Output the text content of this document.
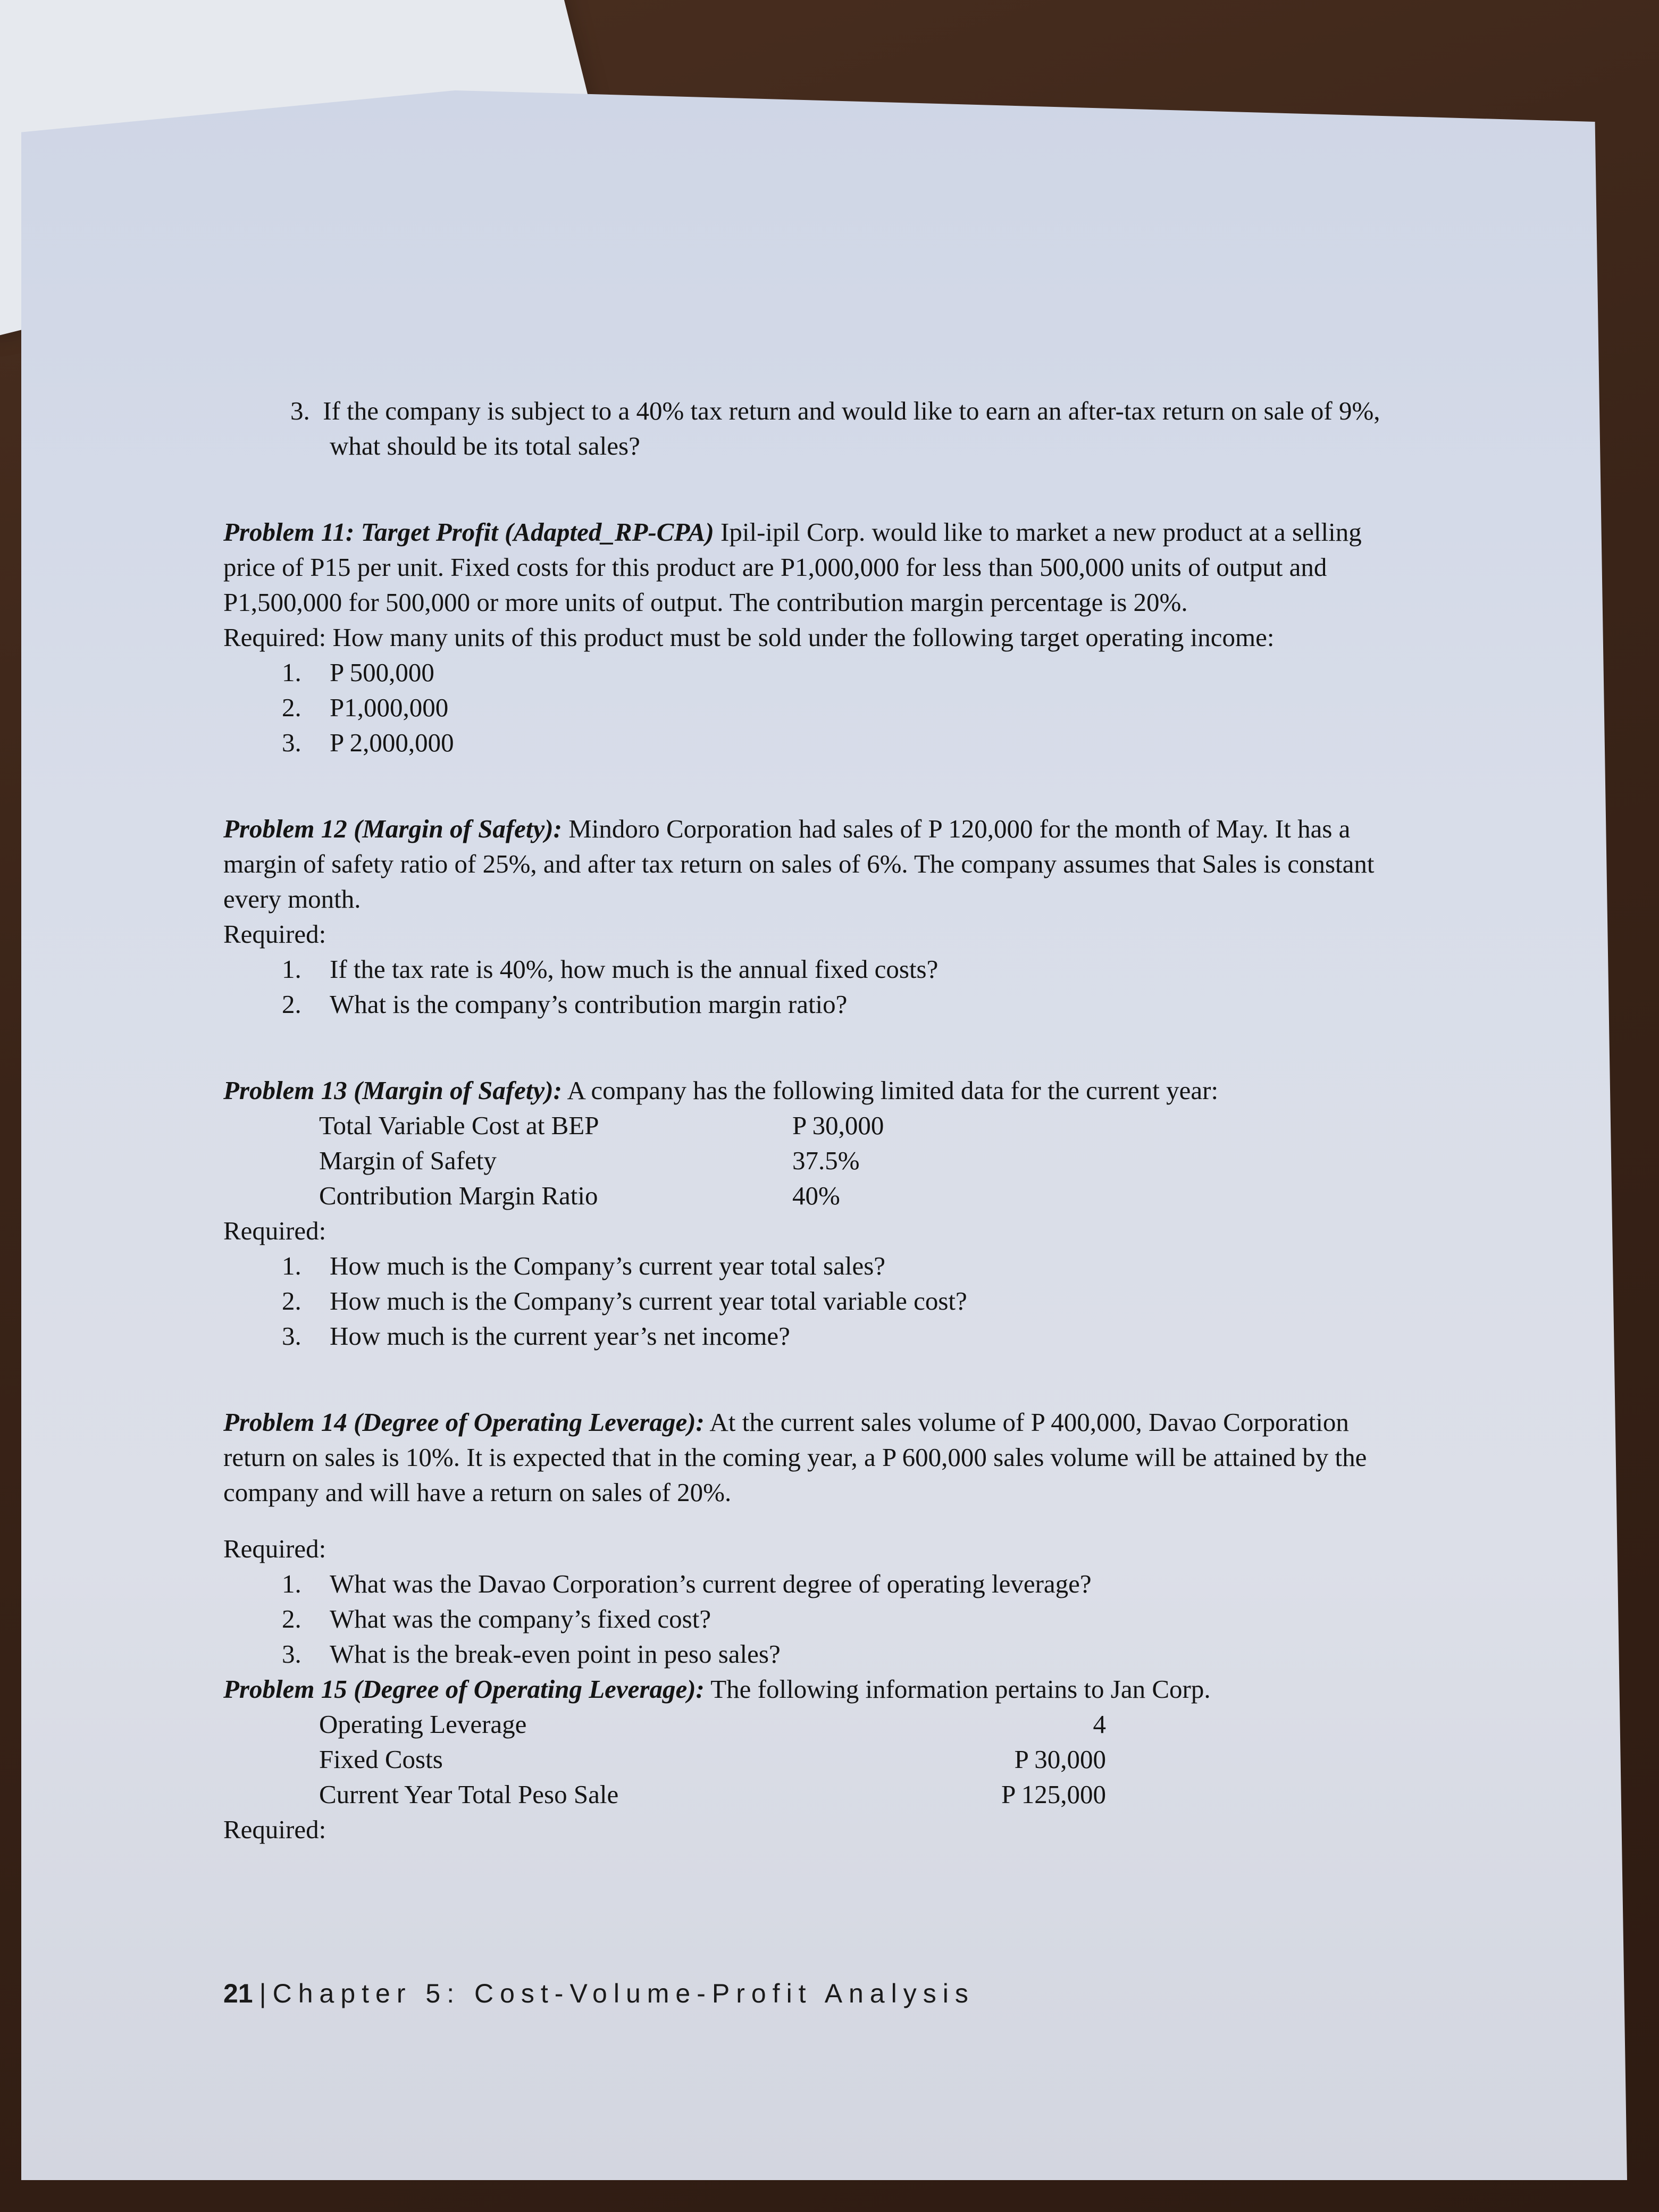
3. If the company is subject to a 40% tax return and would like to earn an after-tax return on sale of 9%, what should be its total sales?

Problem 11: Target Profit (Adapted_RP-CPA) Ipil-ipil Corp. would like to market a new product at a selling price of P15 per unit. Fixed costs for this product are P1,000,000 for less than 500,000 units of output and P1,500,000 for 500,000 or more units of output. The contribution margin percentage is 20%.

Required: How many units of this product must be sold under the following target operating income:

1. P 500,000
2. P1,000,000
3. P 2,000,000

Problem 12 (Margin of Safety): Mindoro Corporation had sales of P 120,000 for the month of May. It has a margin of safety ratio of 25%, and after tax return on sales of 6%. The company assumes that Sales is constant every month.

Required:

1. If the tax rate is 40%, how much is the annual fixed costs?
2. What is the company’s contribution margin ratio?

Problem 13 (Margin of Safety): A company has the following limited data for the current year:

Total Variable Cost at BEP	P 30,000
Margin of Safety	37.5%
Contribution Margin Ratio	40%

Required:

1. How much is the Company’s current year total sales?
2. How much is the Company’s current year total variable cost?
3. How much is the current year’s net income?

Problem 14 (Degree of Operating Leverage): At the current sales volume of P 400,000, Davao Corporation return on sales is 10%. It is expected that in the coming year, a P 600,000 sales volume will be attained by the company and will have a return on sales of 20%.

Required:

1. What was the Davao Corporation’s current degree of operating leverage?
2. What was the company’s fixed cost?
3. What is the break-even point in peso sales?

Problem 15 (Degree of Operating Leverage): The following information pertains to Jan Corp.

Operating Leverage	4
Fixed Costs	P 30,000
Current Year Total Peso Sale	P 125,000

Required:

21 | Chapter 5: Cost-Volume-Profit Analysis
